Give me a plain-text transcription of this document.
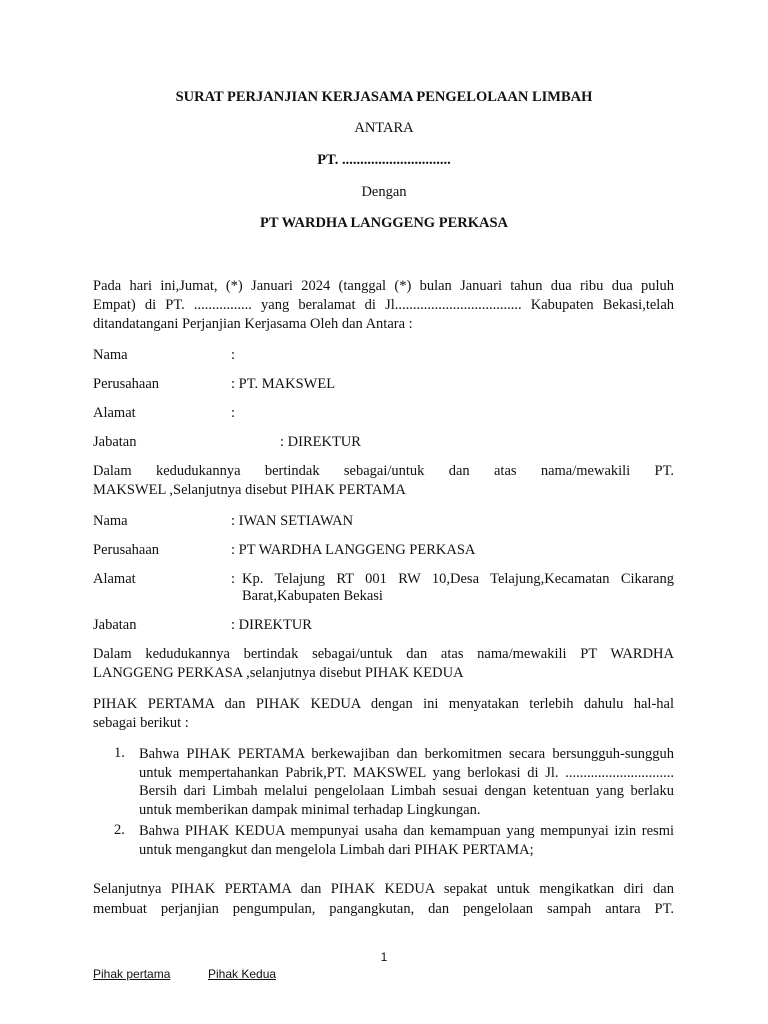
SURAT PERJANJIAN KERJASAMA PENGELOLAAN LIMBAH
ANTARA
PT. ..............................
Dengan
PT WARDHA LANGGENG PERKASA
Pada hari ini,Jumat, (*) Januari 2024 (tanggal (*) bulan Januari tahun dua ribu dua puluh
Empat) di PT. ................ yang beralamat di Jl................................... Kabupaten Bekasi,telah
ditandatangani Perjanjian Kerjasama Oleh dan Antara :
Nama	:
Perusahaan	: PT. MAKSWEL
Alamat	:
Jabatan	: DIREKTUR
Dalam kedudukannya bertindak sebagai/untuk dan atas nama/mewakili PT.
MAKSWEL ,Selanjutnya disebut PIHAK PERTAMA
Nama	: IWAN SETIAWAN
Perusahaan	: PT WARDHA LANGGENG PERKASA
Alamat	: Kp. Telajung RT 001 RW 10,Desa Telajung,Kecamatan Cikarang Barat,Kabupaten Bekasi
Jabatan	: DIREKTUR
Dalam kedudukannya bertindak sebagai/untuk dan atas nama/mewakili PT WARDHA
LANGGENG PERKASA ,selanjutnya disebut PIHAK KEDUA
PIHAK PERTAMA dan PIHAK KEDUA dengan ini menyatakan terlebih dahulu hal-hal
sebagai berikut :
1. Bahwa PIHAK PERTAMA berkewajiban dan berkomitmen secara bersungguh-sungguh untuk mempertahankan Pabrik,PT. MAKSWEL yang berlokasi di Jl. .............................. Bersih dari Limbah melalui pengelolaan Limbah sesuai dengan ketentuan yang berlaku untuk memberikan dampak minimal terhadap Lingkungan.
2. Bahwa PIHAK KEDUA mempunyai usaha dan kemampuan yang mempunyai izin resmi untuk mengangkut dan mengelola Limbah dari PIHAK PERTAMA;
Selanjutnya PIHAK PERTAMA dan PIHAK KEDUA sepakat untuk mengikatkan diri dan
membuat perjanjian pengumpulan, pangangkutan, dan pengelolaan sampah antara PT.
1
Pihak pertama	Pihak Kedua
